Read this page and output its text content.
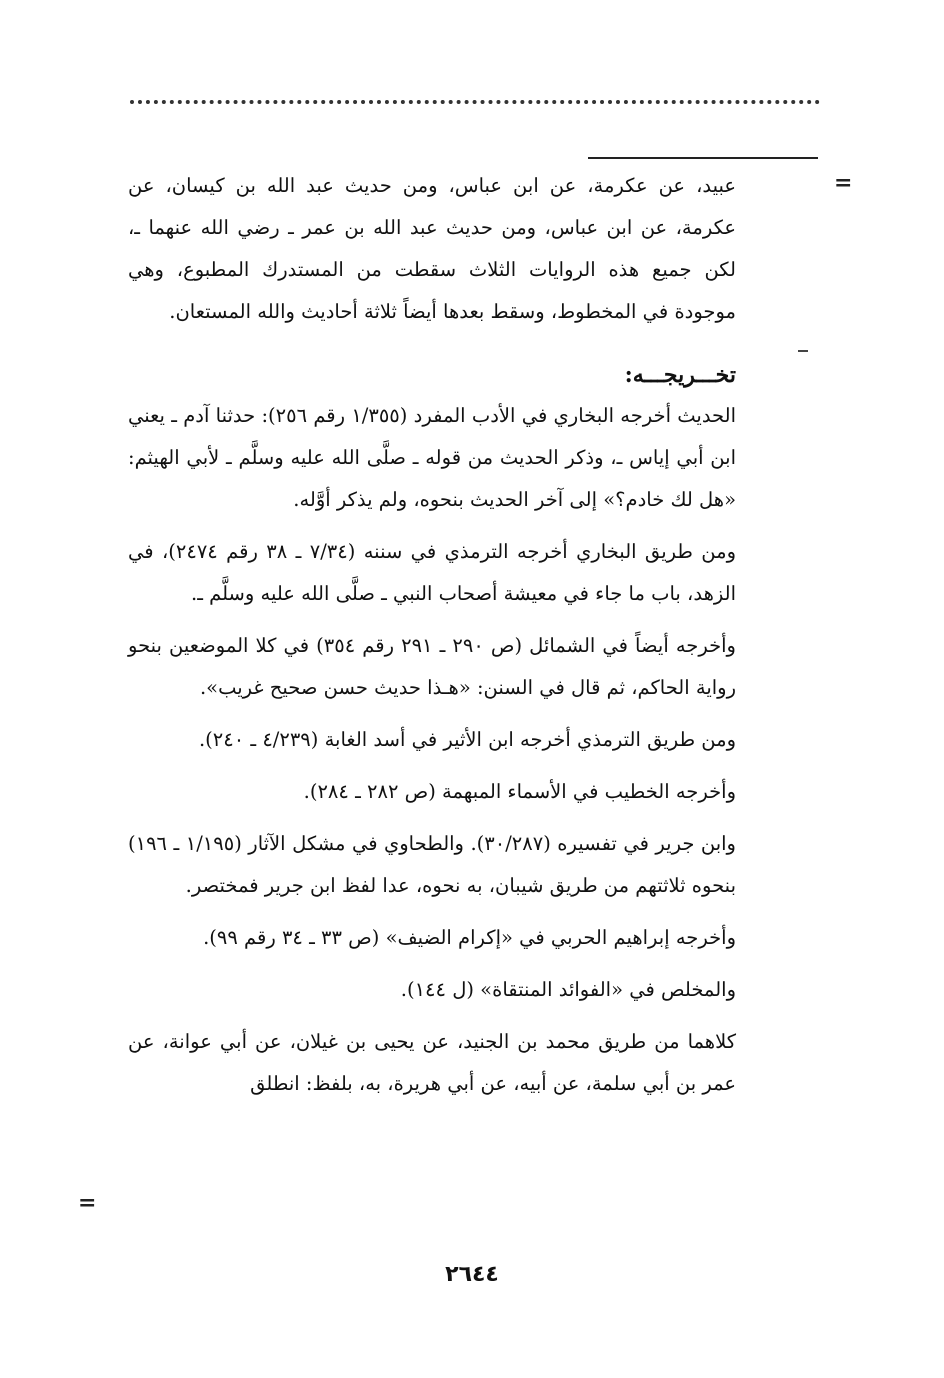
=

عبيد، عن عكرمة، عن ابن عباس، ومن حديث عبد الله بن كيسان، عن عكرمة، عن ابن عباس، ومن حديث عبد الله بن عمر ـ رضي الله عنهما ـ، لكن جميع هذه الروايات الثلاث سقطت من المستدرك المطبوع، وهي موجودة في المخطوط، وسقط بعدها أيضاً ثلاثة أحاديث والله المستعان.

تخـــريجـــه:

الحديث أخرجه البخاري في الأدب المفرد (١/٣٥٥ رقم ٢٥٦): حدثنا آدم ـ يعني ابن أبي إياس ـ، وذكر الحديث من قوله ـ صلَّى الله عليه وسلَّم ـ لأبي الهيثم: «هل لك خادم؟» إلى آخر الحديث بنحوه، ولم يذكر أوَّله.

ومن طريق البخاري أخرجه الترمذي في سننه (٧/٣٤ ـ ٣٨ رقم ٢٤٧٤)، في الزهد، باب ما جاء في معيشة أصحاب النبي ـ صلَّى الله عليه وسلَّم ـ.

وأخرجه أيضاً في الشمائل (ص ٢٩٠ ـ ٢٩١ رقم ٣٥٤) في كلا الموضعين بنحو رواية الحاكم، ثم قال في السنن: «هـذا حديث حسن صحيح غريب».

ومن طريق الترمذي أخرجه ابن الأثير في أسد الغابة (٤/٢٣٩ ـ ٢٤٠).

وأخرجه الخطيب في الأسماء المبهمة (ص ٢٨٢ ـ ٢٨٤).

وابن جرير في تفسيره (٣٠/٢٨٧). والطحاوي في مشكل الآثار (١/١٩٥ ـ ١٩٦) بنحوه ثلاثتهم من طريق شيبان، به نحوه، عدا لفظ ابن جرير فمختصر.

وأخرجه إبراهيم الحربي في «إكرام الضيف» (ص ٣٣ ـ ٣٤ رقم ٩٩).

والمخلص في «الفوائد المنتقاة» (ل ١٤٤).

كلاهما من طريق محمد بن الجنيد، عن يحيى بن غيلان، عن أبي عوانة، عن عمر بن أبي سلمة، عن أبيه، عن أبي هريرة، به، بلفظ: انطلق

=
٢٦٤٤
